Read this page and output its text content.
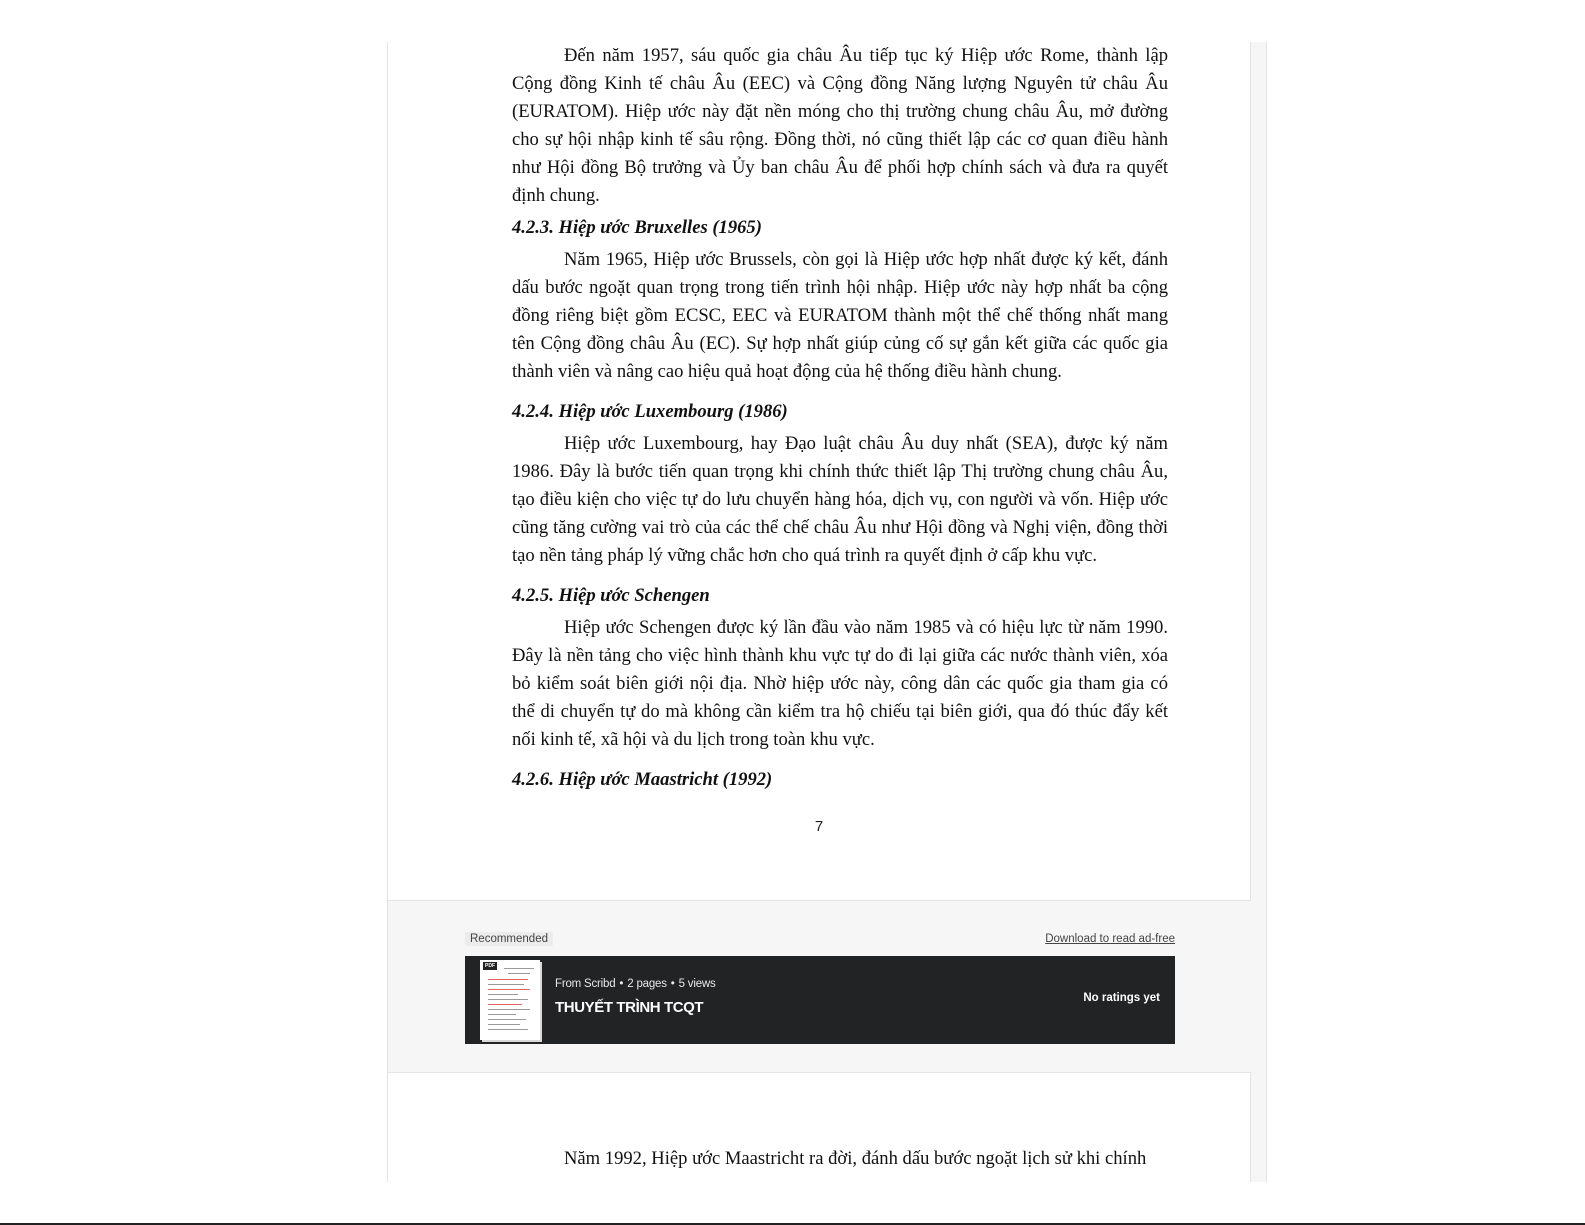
Đến năm 1957, sáu quốc gia châu Âu tiếp tục ký Hiệp ước Rome, thành lập Cộng đồng Kinh tế châu Âu (EEC) và Cộng đồng Năng lượng Nguyên tử châu Âu (EURATOM). Hiệp ước này đặt nền móng cho thị trường chung châu Âu, mở đường cho sự hội nhập kinh tế sâu rộng. Đồng thời, nó cũng thiết lập các cơ quan điều hành như Hội đồng Bộ trưởng và Ủy ban châu Âu để phối hợp chính sách và đưa ra quyết định chung.

4.2.3. Hiệp ước Bruxelles (1965)

Năm 1965, Hiệp ước Brussels, còn gọi là Hiệp ước hợp nhất được ký kết, đánh dấu bước ngoặt quan trọng trong tiến trình hội nhập. Hiệp ước này hợp nhất ba cộng đồng riêng biệt gồm ECSC, EEC và EURATOM thành một thể chế thống nhất mang tên Cộng đồng châu Âu (EC). Sự hợp nhất giúp củng cố sự gắn kết giữa các quốc gia thành viên và nâng cao hiệu quả hoạt động của hệ thống điều hành chung.

4.2.4. Hiệp ước Luxembourg (1986)

Hiệp ước Luxembourg, hay Đạo luật châu Âu duy nhất (SEA), được ký năm 1986. Đây là bước tiến quan trọng khi chính thức thiết lập Thị trường chung châu Âu, tạo điều kiện cho việc tự do lưu chuyển hàng hóa, dịch vụ, con người và vốn. Hiệp ước cũng tăng cường vai trò của các thể chế châu Âu như Hội đồng và Nghị viện, đồng thời tạo nền tảng pháp lý vững chắc hơn cho quá trình ra quyết định ở cấp khu vực.

4.2.5. Hiệp ước Schengen

Hiệp ước Schengen được ký lần đầu vào năm 1985 và có hiệu lực từ năm 1990. Đây là nền tảng cho việc hình thành khu vực tự do đi lại giữa các nước thành viên, xóa bỏ kiểm soát biên giới nội địa. Nhờ hiệp ước này, công dân các quốc gia tham gia có thể di chuyển tự do mà không cần kiểm tra hộ chiếu tại biên giới, qua đó thúc đẩy kết nối kinh tế, xã hội và du lịch trong toàn khu vực.

4.2.6. Hiệp ước Maastricht (1992)

7
Recommended	Download to read ad-free
PDF
From Scribd • 2 pages • 5 views
THUYẾT TRÌNH TCQT
No ratings yet

Năm 1992, Hiệp ước Maastricht ra đời, đánh dấu bước ngoặt lịch sử khi chính
